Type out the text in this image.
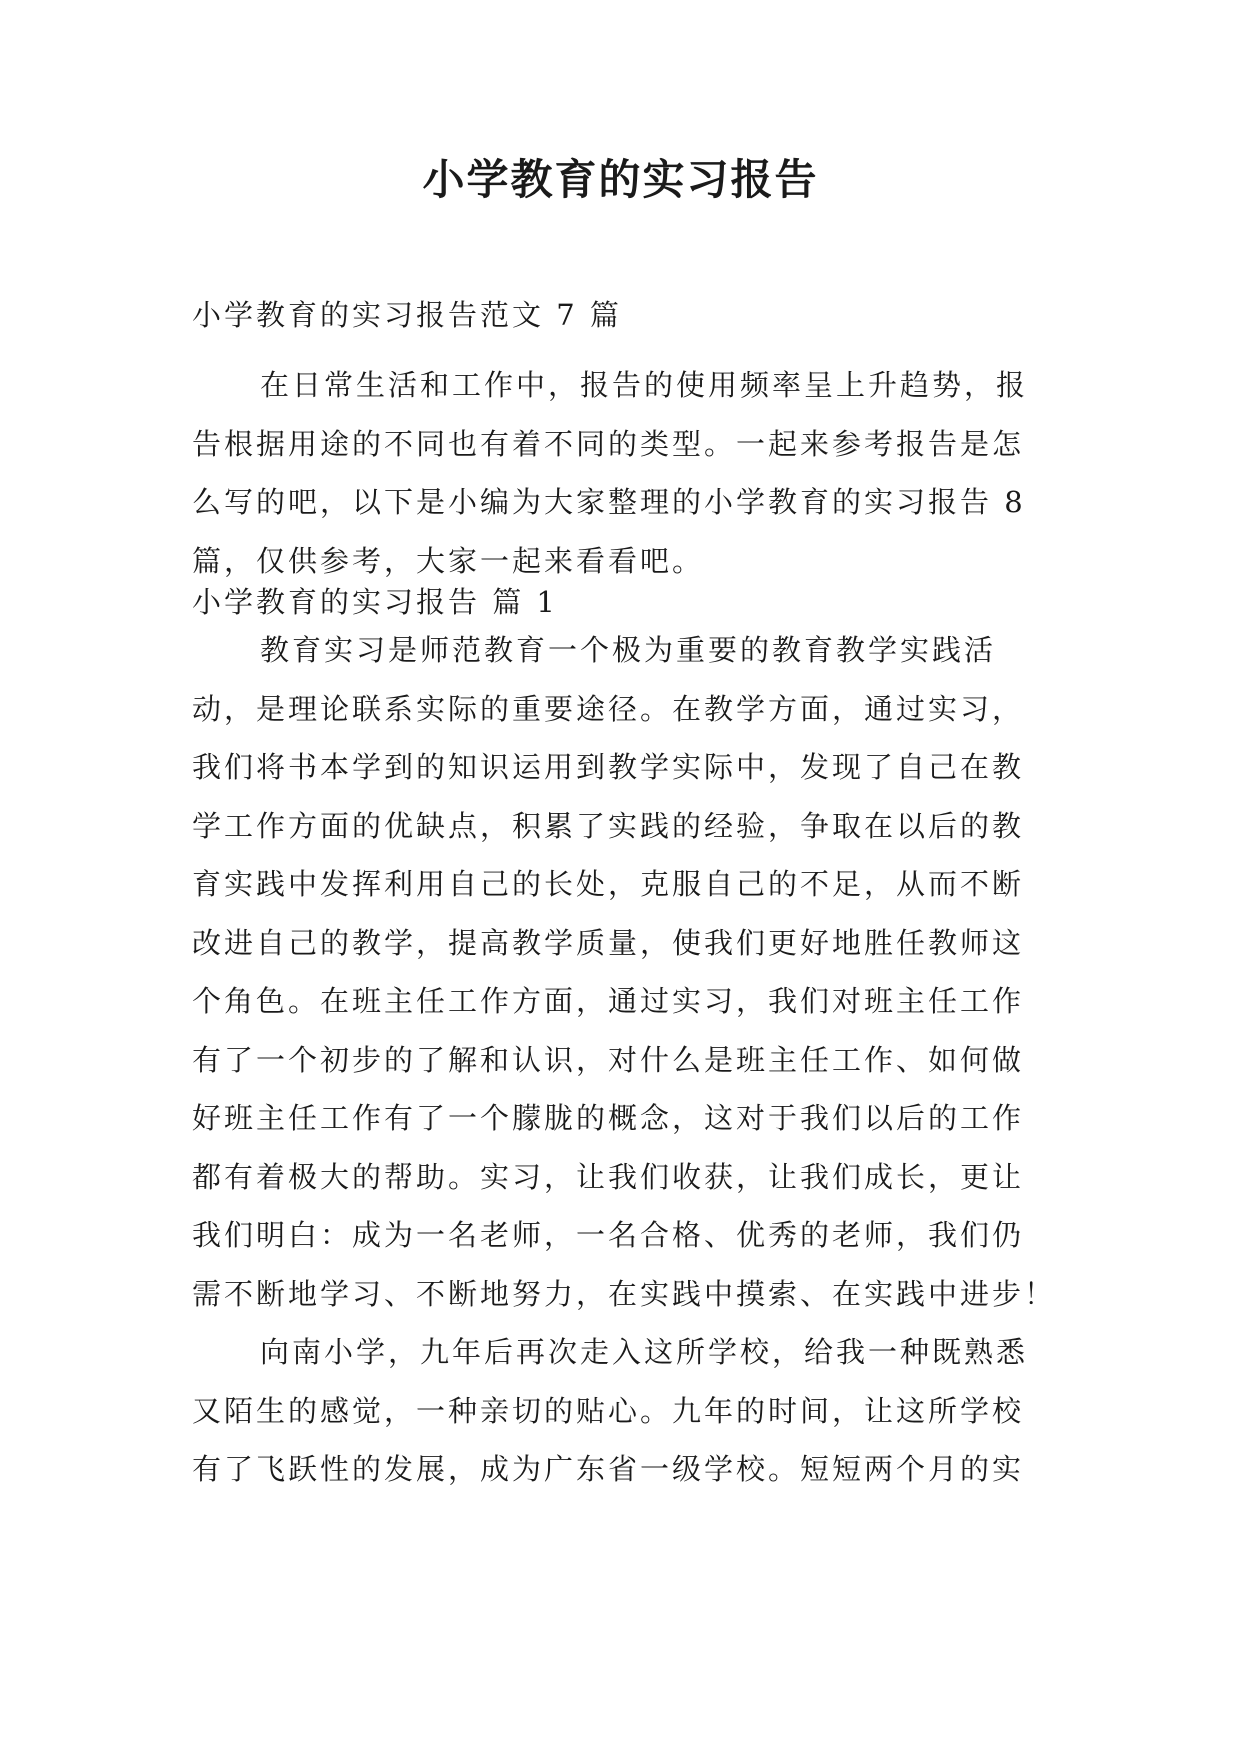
小学教育的实习报告

小学教育的实习报告范文 7 篇

在日常生活和工作中，报告的使用频率呈上升趋势，报
告根据用途的不同也有着不同的类型。一起来参考报告是怎
么写的吧，以下是小编为大家整理的小学教育的实习报告 8
篇，仅供参考，大家一起来看看吧。
小学教育的实习报告 篇 1
教育实习是师范教育一个极为重要的教育教学实践活
动，是理论联系实际的重要途径。在教学方面，通过实习，
我们将书本学到的知识运用到教学实际中，发现了自己在教
学工作方面的优缺点，积累了实践的经验，争取在以后的教
育实践中发挥利用自己的长处，克服自己的不足，从而不断
改进自己的教学，提高教学质量，使我们更好地胜任教师这
个角色。在班主任工作方面，通过实习，我们对班主任工作
有了一个初步的了解和认识，对什么是班主任工作、如何做
好班主任工作有了一个朦胧的概念，这对于我们以后的工作
都有着极大的帮助。实习，让我们收获，让我们成长，更让
我们明白：成为一名老师，一名合格、优秀的老师，我们仍
需不断地学习、不断地努力，在实践中摸索、在实践中进步！
向南小学，九年后再次走入这所学校，给我一种既熟悉
又陌生的感觉，一种亲切的贴心。九年的时间，让这所学校
有了飞跃性的发展，成为广东省一级学校。短短两个月的实
